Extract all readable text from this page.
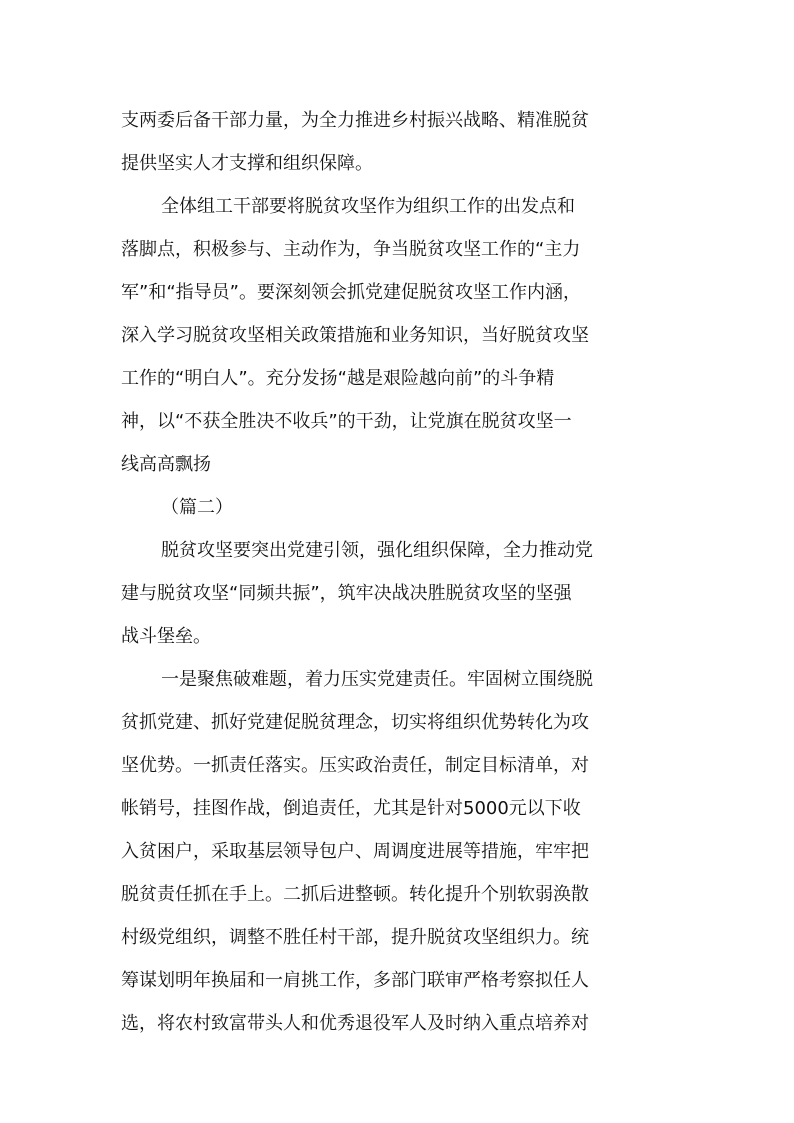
支两委后备干部力量，为全力推进乡村振兴战略、精准脱贫
提供坚实人才支撑和组织保障。
全体组工干部要将脱贫攻坚作为组织工作的出发点和
落脚点，积极参与、主动作为，争当脱贫攻坚工作的“主力
军”和“指导员”。要深刻领会抓党建促脱贫攻坚工作内涵，
深入学习脱贫攻坚相关政策措施和业务知识，当好脱贫攻坚
工作的“明白人”。充分发扬“越是艰险越向前”的斗争精
神，以“不获全胜决不收兵”的干劲，让党旗在脱贫攻坚一
线高高飘扬
（篇二）
脱贫攻坚要突出党建引领，强化组织保障，全力推动党
建与脱贫攻坚“同频共振”，筑牢决战决胜脱贫攻坚的坚强
战斗堡垒。
一是聚焦破难题，着力压实党建责任。牢固树立围绕脱
贫抓党建、抓好党建促脱贫理念，切实将组织优势转化为攻
坚优势。一抓责任落实。压实政治责任，制定目标清单，对
帐销号，挂图作战，倒追责任，尤其是针对5000元以下收
入贫困户，采取基层领导包户、周调度进展等措施，牢牢把
脱贫责任抓在手上。二抓后进整顿。转化提升个别软弱涣散
村级党组织，调整不胜任村干部，提升脱贫攻坚组织力。统
筹谋划明年换届和一肩挑工作，多部门联审严格考察拟任人
选，将农村致富带头人和优秀退役军人及时纳入重点培养对
